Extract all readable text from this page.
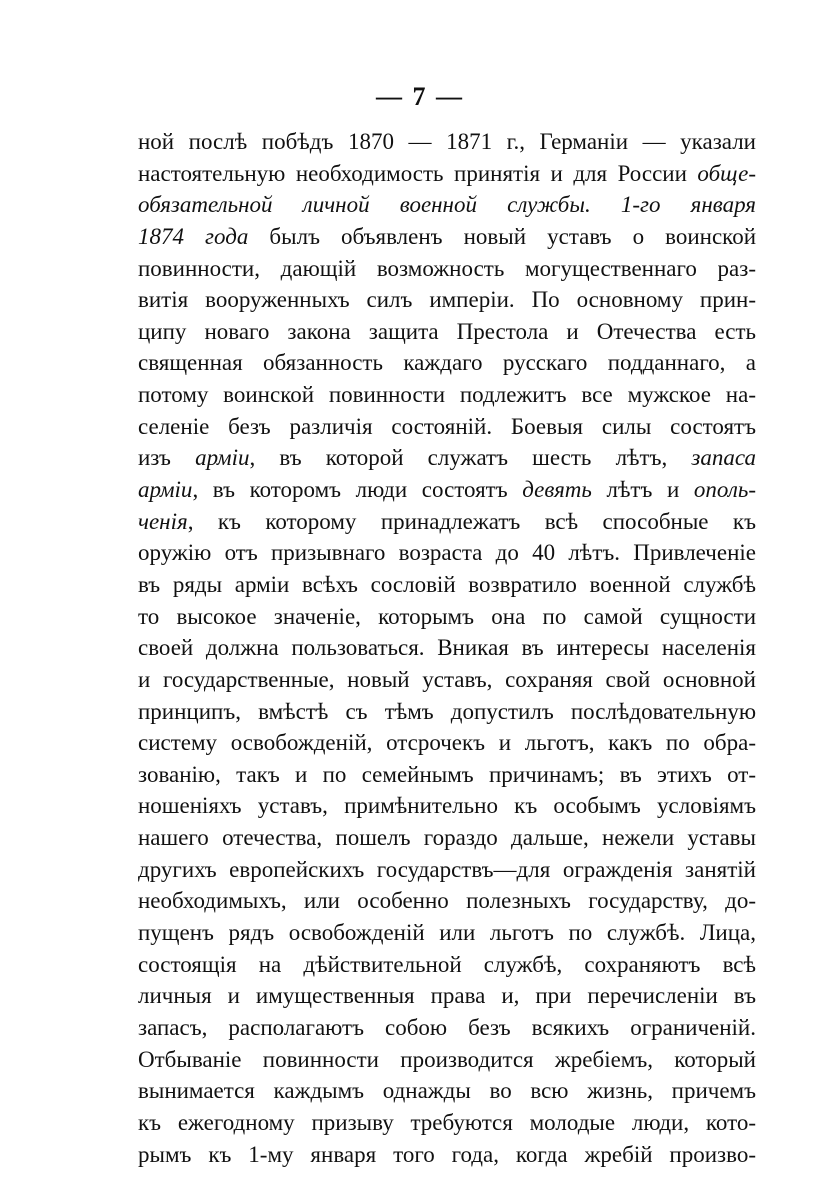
— 7 —
ной послѣ побѣдъ 1870 — 1871 г., Германіи — указали
настоятельную необходимость принятія и для России обще-
обязательной личной военной службы. 1-го января
1874 года былъ объявленъ новый уставъ о воинской
повинности, дающій возможность могущественнаго раз-
витія вооруженныхъ силъ имперіи. По основному прин-
ципу новаго закона защита Престола и Отечества есть
священная обязанность каждаго русскаго подданнаго, а
потому воинской повинности подлежитъ все мужское на-
селеніе безъ различія состояній. Боевыя силы состоятъ
изъ арміи, въ которой служатъ шесть лѣтъ, запаса
арміи, въ которомъ люди состоятъ девять лѣтъ и ополь-
ченія, къ которому принадлежатъ всѣ способные къ
оружію отъ призывнаго возраста до 40 лѣтъ. Привлеченіе
въ ряды арміи всѣхъ сословій возвратило военной службѣ
то высокое значеніе, которымъ она по самой сущности
своей должна пользоваться. Вникая въ интересы населенія
и государственные, новый уставъ, сохраняя свой основной
принципъ, вмѣстѣ съ тѣмъ допустилъ послѣдовательную
систему освобожденій, отсрочекъ и льготъ, какъ по обра-
зованію, такъ и по семейнымъ причинамъ; въ этихъ от-
ношеніяхъ уставъ, примѣнительно къ особымъ условіямъ
нашего отечества, пошелъ гораздо дальше, нежели уставы
другихъ европейскихъ государствъ—для огражденія занятій
необходимыхъ, или особенно полезныхъ государству, до-
пущенъ рядъ освобожденій или льготъ по службѣ. Лица,
состоящія на дѣйствительной службѣ, сохраняютъ всѣ
личныя и имущественныя права и, при перечисленіи въ
запасъ, располагаютъ собою безъ всякихъ ограниченій.
Отбываніе повинности производится жребіемъ, который
вынимается каждымъ однажды во всю жизнь, причемъ
къ ежегодному призыву требуются молодые люди, кото-
рымъ къ 1-му января того года, когда жребій произво-
